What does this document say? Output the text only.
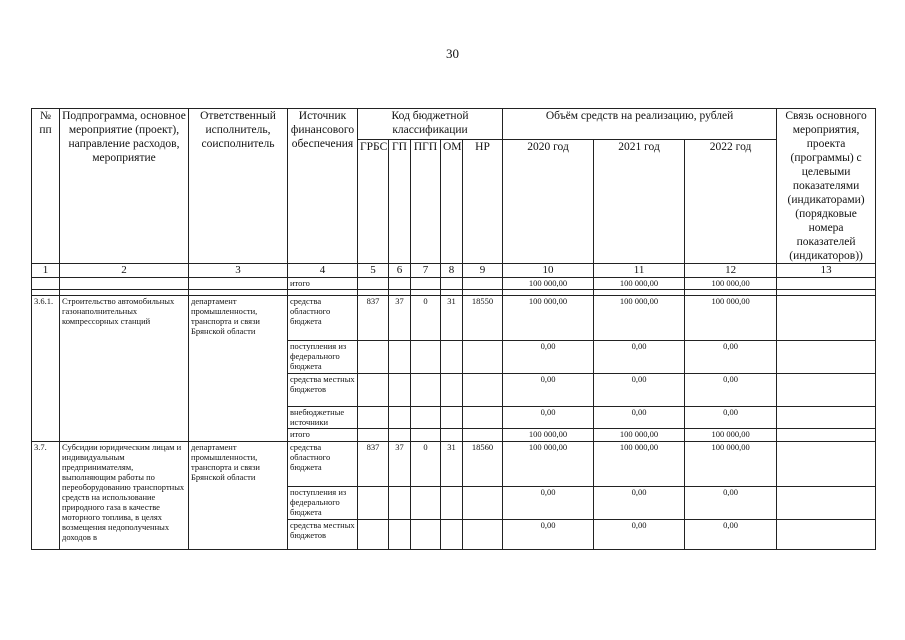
30
№ пп	Подпрограмма, основное мероприятие (проект), направление расходов, мероприятие	Ответственный исполнитель, соисполнитель	Источник финансового обеспечения	Код бюджетной классификации					Объём средств на реализацию, рублей			Связь основного мероприятия, проекта (программы) с целевыми показателями (индикаторами) (порядковые номера показателей (индикаторов))
				ГРБС	ГП	ПГП	ОМ	НР	2020 год	2021 год	2022 год	
1	2	3	4	5	6	7	8	9	10	11	12	13
			итого						100 000,00	100 000,00	100 000,00	

3.6.1.	Строительство автомобильных газонаполнительных компрессорных станций	департамент промышленности, транспорта и связи Брянской области	средства областного бюджета	837	37	0	31	18550	100 000,00	100 000,00	100 000,00	
			поступления из федерального бюджета						0,00	0,00	0,00	
			средства местных бюджетов						0,00	0,00	0,00	
			внебюджетные источники						0,00	0,00	0,00	
			итого						100 000,00	100 000,00	100 000,00	
3.7.	Субсидии юридическим лицам и индивидуальным предпринимателям, выполняющим работы по переоборудованию транспортных средств на использование природного газа в качестве моторного топлива, в целях возмещения недополученных доходов в	департамент промышленности, транспорта и связи Брянской области	средства областного бюджета	837	37	0	31	18560	100 000,00	100 000,00	100 000,00	
			поступления из федерального бюджета						0,00	0,00	0,00	
			средства местных бюджетов						0,00	0,00	0,00	
